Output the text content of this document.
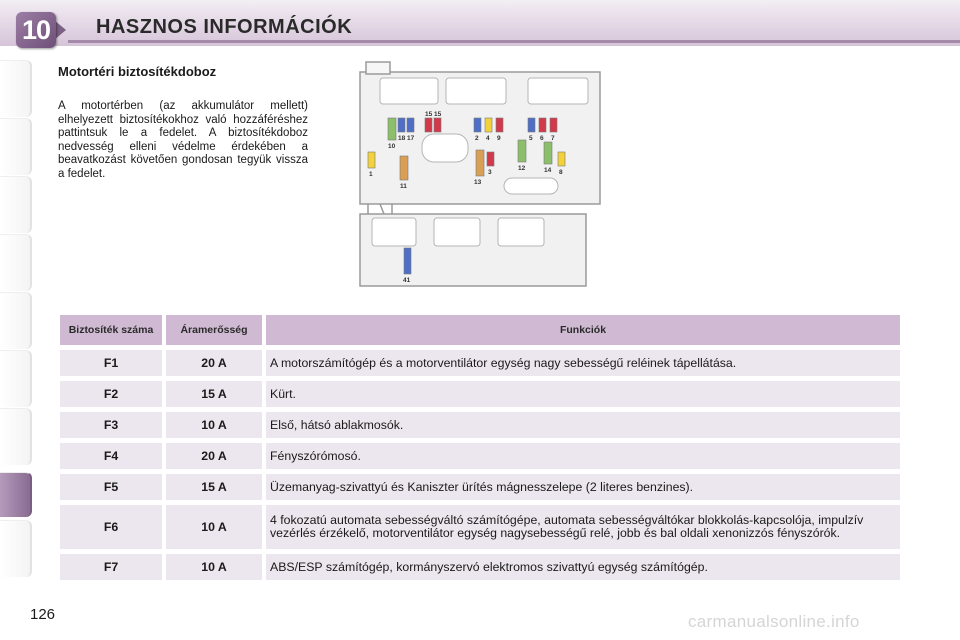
10 HASZNOS INFORMÁCIÓK
Motortéri biztosítékdoboz
A motortérben (az akkumulátor mellett) elhelyezett biztosítékokhoz való hozzáféréshez pattintsuk le a fedelet. A biztosítékdoboz nedvesség elleni védelme érdekében a beavatkozást követően gondosan tegyük vissza a fedelet.
15 15
18 17
10
2 4 9	5 6 7
1
11
3
13
12	14 8
41
Biztosíték száma	Áramerősség	Funkciók
F1	20 A	A motorszámítógép és a motorventilátor egység nagy sebességű reléinek tápellátása.
F2	15 A	Kürt.
F3	10 A	Első, hátsó ablakmosók.
F4	20 A	Fényszórómosó.
F5	15 A	Üzemanyag-szivattyú és Kaniszter ürítés mágnesszelepe (2 literes benzines).
F6	10 A	4 fokozatú automata sebességváltó számítógépe, automata sebességváltókar blokkolás-kapcsolója, impulzív vezérlés érzékelő, motorventilátor egység nagysebességű relé, jobb és bal oldali xenonizzós fényszórók.
F7	10 A	ABS/ESP számítógép, kormányszervó elektromos szivattyú egység számítógép.
126	carmanualsonline.info
